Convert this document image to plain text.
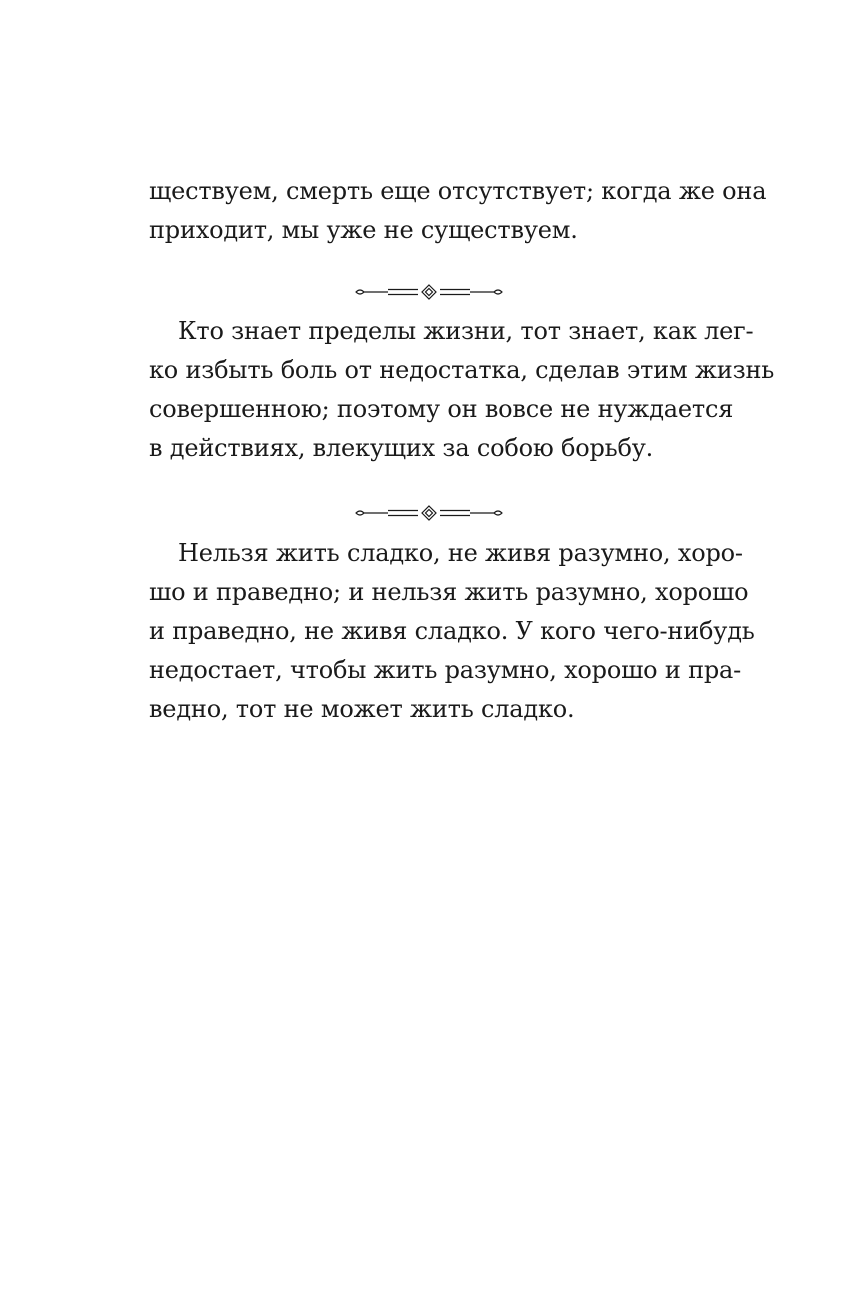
ществуем, смерть еще отсутствует; когда же она
приходит, мы уже не существуем.

Кто знает пределы жизни, тот знает, как лег-
ко избыть боль от недостатка, сделав этим жизнь
совершенною; поэтому он вовсе не нуждается
в действиях, влекущих за собою борьбу.

Нельзя жить сладко, не живя разумно, хоро-
шо и праведно; и нельзя жить разумно, хорошо
и праведно, не живя сладко. У кого чего-нибудь
недостает, чтобы жить разумно, хорошо и пра-
ведно, тот не может жить сладко.
